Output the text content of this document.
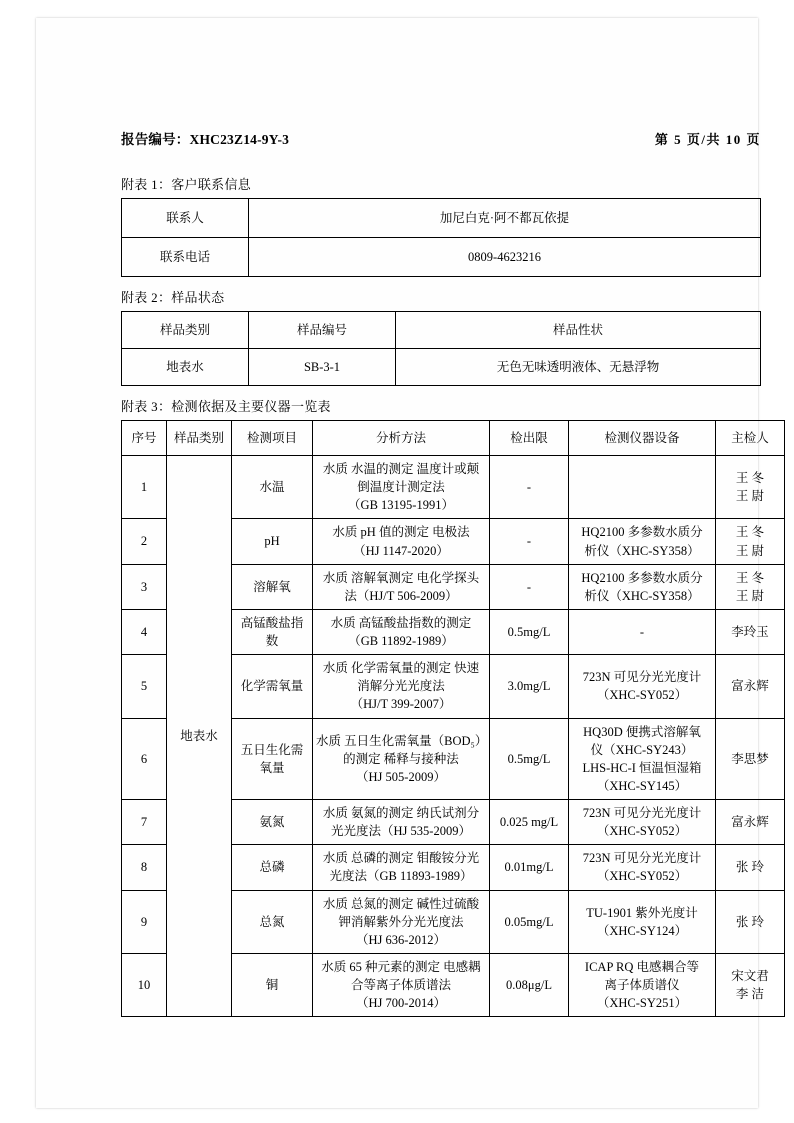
报告编号：XHC23Z14-9Y-3	第 5 页/共 10 页
附表 1：客户联系信息
联系人	加尼白克·阿不都瓦依提
联系电话	0809-4623216
附表 2：样品状态
样品类别	样品编号	样品性状
地表水	SB-3-1	无色无味透明液体、无悬浮物
附表 3：检测依据及主要仪器一览表
序号	样品类别	检测项目	分析方法	检出限	检测仪器设备	主检人
1	地表水	水温	水质 水温的测定 温度计或颠
倒温度计测定法
（GB 13195-1991）	-		王 冬
王 尉

2		pH	水质 pH 值的测定 电极法
（HJ 1147-2020）	-	HQ2100 多参数水质分
析仪（XHC-SY358）	王 冬
王 尉

3		溶解氧	水质 溶解氧测定 电化学探头
法（HJ/T 506-2009）	-	HQ2100 多参数水质分
析仪（XHC-SY358）	王 冬
王 尉

4		高锰酸盐指
数	水质 高锰酸盐指数的测定
（GB 11892-1989）	0.5mg/L	-	李玲玉

5		化学需氧量	水质 化学需氧量的测定 快速
消解分光光度法
（HJ/T 399-2007）	3.0mg/L	723N 可见分光光度计
（XHC-SY052）	富永辉

6		五日生化需
氧量	水质 五日生化需氧量（BOD₅）
的测定 稀释与接种法
（HJ 505-2009）	0.5mg/L	HQ30D 便携式溶解氧
仪（XHC-SY243）
LHS-HC-I 恒温恒湿箱
（XHC-SY145）	李思梦

7		氨氮	水质 氨氮的测定 纳氏试剂分
光光度法（HJ 535-2009）	0.025 mg/L	723N 可见分光光度计
（XHC-SY052）	富永辉

8		总磷	水质 总磷的测定 钼酸铵分光
光度法（GB 11893-1989）	0.01mg/L	723N 可见分光光度计
（XHC-SY052）	张 玲

9		总氮	水质 总氮的测定 碱性过硫酸
钾消解紫外分光光度法
（HJ 636-2012）	0.05mg/L	TU-1901 紫外光度计
（XHC-SY124）	张 玲

10		铜	水质 65 种元素的测定 电感耦
合等离子体质谱法
（HJ 700-2014）	0.08μg/L	ICAP RQ 电感耦合等
离子体质谱仪
（XHC-SY251）	宋文君
李 洁
